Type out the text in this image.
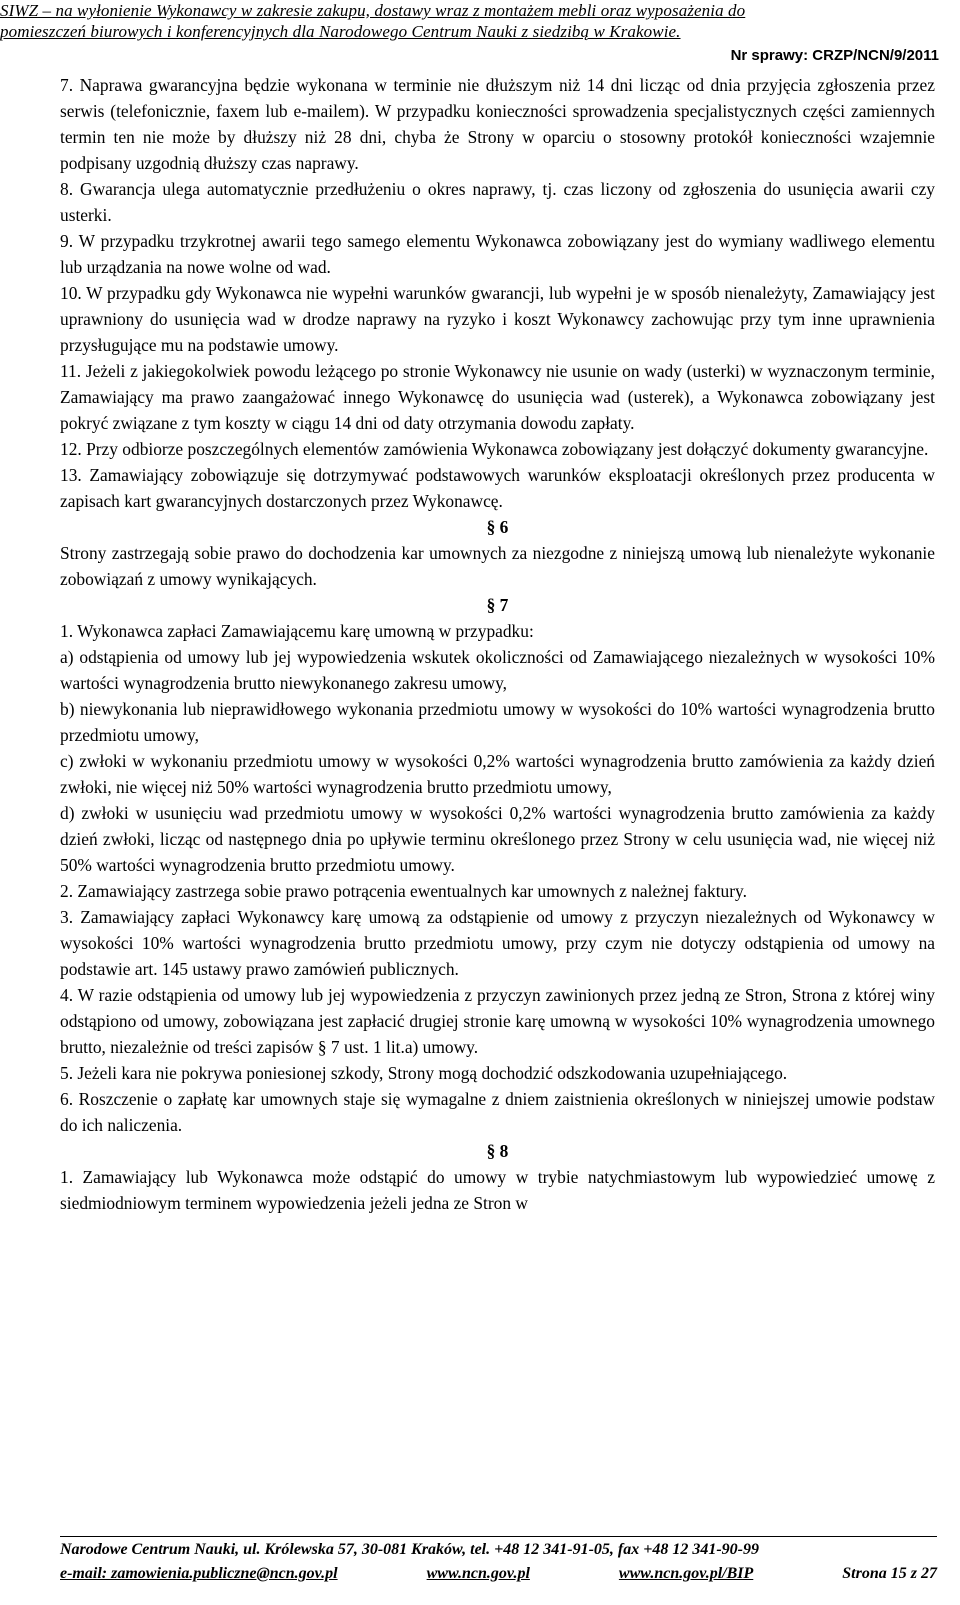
SIWZ – na wyłonienie Wykonawcy w zakresie zakupu, dostawy wraz z montażem mebli oraz wyposażenia do
pomieszczeń biurowych i konferencyjnych dla Narodowego Centrum Nauki z siedzibą w Krakowie.
Nr sprawy: CRZP/NCN/9/2011

7. Naprawa gwarancyjna będzie wykonana w terminie nie dłuższym niż 14 dni licząc od dnia przyjęcia zgłoszenia przez serwis (telefonicznie, faxem lub e-mailem). W przypadku konieczności sprowadzenia specjalistycznych części zamiennych termin ten nie może by dłuższy niż 28 dni, chyba że Strony w oparciu o stosowny protokół konieczności wzajemnie podpisany uzgodnią dłuższy czas naprawy.

8. Gwarancja ulega automatycznie przedłużeniu o okres naprawy, tj. czas liczony od zgłoszenia do usunięcia awarii czy usterki.

9. W przypadku trzykrotnej awarii tego samego elementu Wykonawca zobowiązany jest do wymiany wadliwego elementu lub urządzania na nowe wolne od wad.

10. W przypadku gdy Wykonawca nie wypełni warunków gwarancji, lub wypełni je w sposób nienależyty, Zamawiający jest uprawniony do usunięcia wad w drodze naprawy na ryzyko i koszt Wykonawcy zachowując przy tym inne uprawnienia przysługujące mu na podstawie umowy.

11. Jeżeli z jakiegokolwiek powodu leżącego po stronie Wykonawcy nie usunie on wady (usterki) w wyznaczonym terminie, Zamawiający ma prawo zaangażować innego Wykonawcę do usunięcia wad (usterek), a Wykonawca zobowiązany jest pokryć związane z tym koszty w ciągu 14 dni od daty otrzymania dowodu zapłaty.

12. Przy odbiorze poszczególnych elementów zamówienia Wykonawca zobowiązany jest dołączyć dokumenty gwarancyjne.

13. Zamawiający zobowiązuje się dotrzymywać podstawowych warunków eksploatacji określonych przez producenta w zapisach kart gwarancyjnych dostarczonych przez Wykonawcę.

§ 6

Strony zastrzegają sobie prawo do dochodzenia kar umownych za niezgodne z niniejszą umową lub nienależyte wykonanie zobowiązań z umowy wynikających.

§ 7

1. Wykonawca zapłaci Zamawiającemu karę umowną w przypadku:

a) odstąpienia od umowy lub jej wypowiedzenia wskutek okoliczności od Zamawiającego niezależnych w wysokości 10% wartości wynagrodzenia brutto niewykonanego zakresu umowy,

b) niewykonania lub nieprawidłowego wykonania przedmiotu umowy w wysokości do 10% wartości wynagrodzenia brutto przedmiotu umowy,

c) zwłoki w wykonaniu przedmiotu umowy w wysokości 0,2% wartości wynagrodzenia brutto zamówienia za każdy dzień zwłoki, nie więcej niż 50% wartości wynagrodzenia brutto przedmiotu umowy,

d) zwłoki w usunięciu wad przedmiotu umowy w wysokości 0,2% wartości wynagrodzenia brutto zamówienia za każdy dzień zwłoki, licząc od następnego dnia po upływie terminu określonego przez Strony w celu usunięcia wad, nie więcej niż 50% wartości wynagrodzenia brutto przedmiotu umowy.

2. Zamawiający zastrzega sobie prawo potrącenia ewentualnych kar umownych z należnej faktury.

3. Zamawiający zapłaci Wykonawcy karę umową za odstąpienie od umowy z przyczyn niezależnych od Wykonawcy w wysokości 10% wartości wynagrodzenia brutto przedmiotu umowy, przy czym nie dotyczy odstąpienia od umowy na podstawie art. 145 ustawy prawo zamówień publicznych.

4. W razie odstąpienia od umowy lub jej wypowiedzenia z przyczyn zawinionych przez jedną ze Stron, Strona z której winy odstąpiono od umowy, zobowiązana jest zapłacić drugiej stronie karę umowną w wysokości 10% wynagrodzenia umownego brutto, niezależnie od treści zapisów § 7 ust. 1 lit.a) umowy.

5. Jeżeli kara nie pokrywa poniesionej szkody, Strony mogą dochodzić odszkodowania uzupełniającego.

6. Roszczenie o zapłatę kar umownych staje się wymagalne z dniem zaistnienia określonych w niniejszej umowie podstaw do ich naliczenia.

§ 8

1. Zamawiający lub Wykonawca może odstąpić do umowy w trybie natychmiastowym lub wypowiedzieć umowę z siedmiodniowym terminem wypowiedzenia jeżeli jedna ze Stron w

Narodowe Centrum Nauki, ul. Królewska 57, 30-081 Kraków, tel. +48 12 341-91-05, fax +48 12 341-90-99
e-mail: zamowienia.publiczne@ncn.gov.pl	www.ncn.gov.pl	www.ncn.gov.pl/BIP	Strona 15 z 27
